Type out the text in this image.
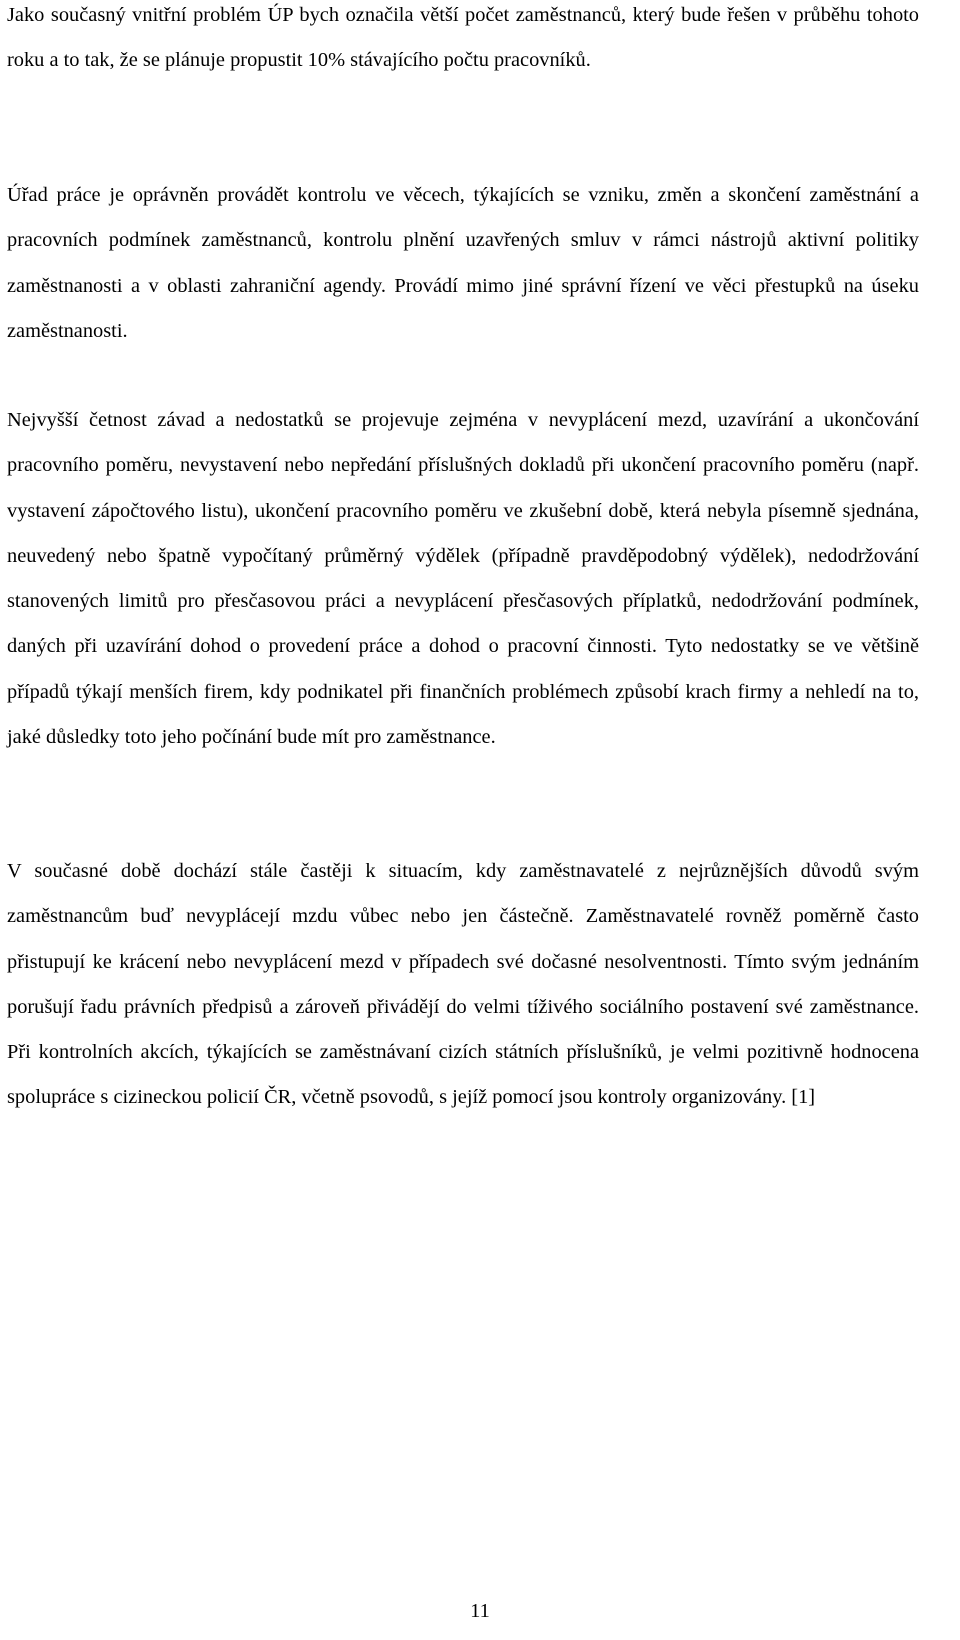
Jako současný vnitřní problém ÚP bych označila větší počet zaměstnanců, který bude řešen v průběhu tohoto roku a to tak, že se plánuje propustit 10% stávajícího počtu pracovníků.

Úřad práce je oprávněn provádět kontrolu ve věcech, týkajících se vzniku, změn a skončení zaměstnání a pracovních podmínek zaměstnanců, kontrolu plnění uzavřených smluv v rámci nástrojů aktivní politiky zaměstnanosti a v oblasti zahraniční agendy. Provádí mimo jiné správní řízení ve věci přestupků na úseku zaměstnanosti.

Nejvyšší četnost závad a nedostatků se projevuje zejména v nevyplácení mezd, uzavírání a ukončování pracovního poměru, nevystavení nebo nepředání příslušných dokladů při ukončení pracovního poměru (např. vystavení zápočtového listu), ukončení pracovního poměru ve zkušební době, která nebyla písemně sjednána, neuvedený nebo špatně vypočítaný průměrný výdělek (případně pravděpodobný výdělek), nedodržování stanovených limitů pro přesčasovou práci a nevyplácení přesčasových příplatků, nedodržování podmínek, daných při uzavírání dohod o provedení práce a dohod o pracovní činnosti. Tyto nedostatky se ve většině případů týkají menších firem, kdy podnikatel při finančních problémech způsobí krach firmy a nehledí na to, jaké důsledky toto jeho počínání bude mít pro zaměstnance.

V současné době dochází stále častěji k situacím, kdy zaměstnavatelé z nejrůznějších důvodů svým zaměstnancům buď nevyplácejí mzdu vůbec nebo jen částečně. Zaměstnavatelé rovněž poměrně často přistupují ke krácení nebo nevyplácení mezd v případech své dočasné nesolventnosti. Tímto svým jednáním porušují řadu právních předpisů a zároveň přivádějí do velmi tíživého sociálního postavení své zaměstnance. Při kontrolních akcích, týkajících se zaměstnávaní cizích státních příslušníků, je velmi pozitivně hodnocena spolupráce s cizineckou policií ČR, včetně psovodů, s jejíž pomocí jsou kontroly organizovány. [1]

11
